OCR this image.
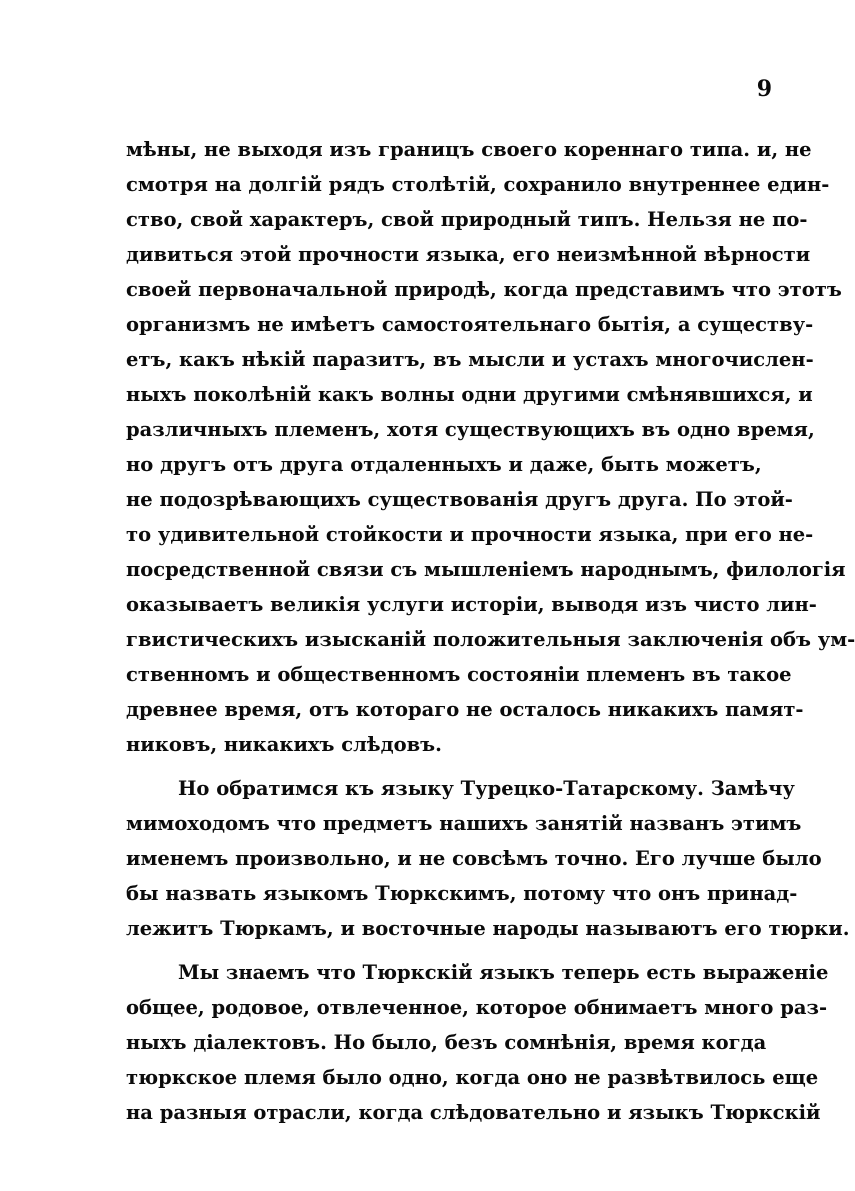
9
мѣны, не выходя изъ границъ своего кореннаго типа. и, не
смотря на долгій рядъ столѣтій, сохранило внутреннее един-
ство, свой характеръ, свой природный типъ. Нельзя не по-
дивиться этой прочности языка, его неизмѣнной вѣрности
своей первоначальной природѣ, когда представимъ что этотъ
организмъ не имѣетъ самостоятельнаго бытія, а существу-
етъ, какъ нѣкій паразитъ, въ мысли и устахъ многочислен-
ныхъ поколѣній какъ волны одни другими смѣнявшихся, и
различныхъ племенъ, хотя существующихъ въ одно время,
но другъ отъ друга отдаленныхъ и даже, быть можетъ,
не подозрѣвающихъ существованія другъ друга. По этой-
то удивительной стойкости и прочности языка, при его не-
посредственной связи съ мышленіемъ народнымъ, филологія
оказываетъ великія услуги исторіи, выводя изъ чисто лин-
гвистическихъ изысканій положительныя заключенія объ ум-
ственномъ и общественномъ состояніи племенъ въ такое
древнее время, отъ котораго не осталось никакихъ памят-
никовъ, никакихъ слѣдовъ.
Но обратимся къ языку Турецко-Татарскому. Замѣчу
мимоходомъ что предметъ нашихъ занятій названъ этимъ
именемъ произвольно, и не совсѣмъ точно. Его лучше было
бы назвать языкомъ Тюркскимъ, потому что онъ принад-
лежитъ Тюркамъ, и восточные народы называютъ его тюрки.
Мы знаемъ что Тюркскій языкъ теперь есть выраженіе
общее, родовое, отвлеченное, которое обнимаетъ много раз-
ныхъ діалектовъ. Но было, безъ сомнѣнія, время когда
тюркское племя было одно, когда оно не развѣтвилось еще
на разныя отрасли, когда слѣдовательно и языкъ Тюркскій
